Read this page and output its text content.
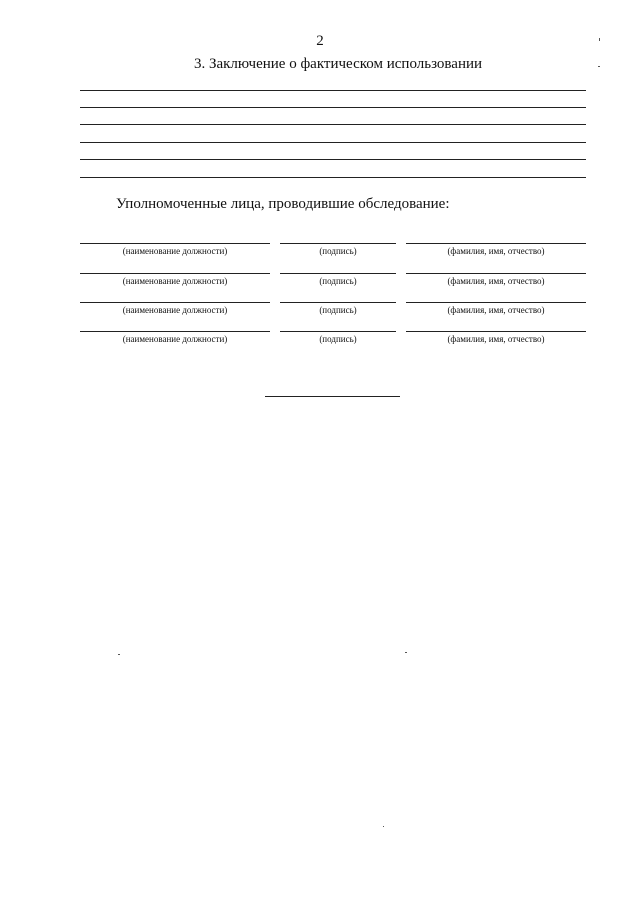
2
3. Заключение о фактическом использовании
Уполномоченные лица, проводившие обследование:
(наименование должности)	(подпись)	(фамилия, имя, отчество)
(наименование должности)	(подпись)	(фамилия, имя, отчество)
(наименование должности)	(подпись)	(фамилия, имя, отчество)
(наименование должности)	(подпись)	(фамилия, имя, отчество)
